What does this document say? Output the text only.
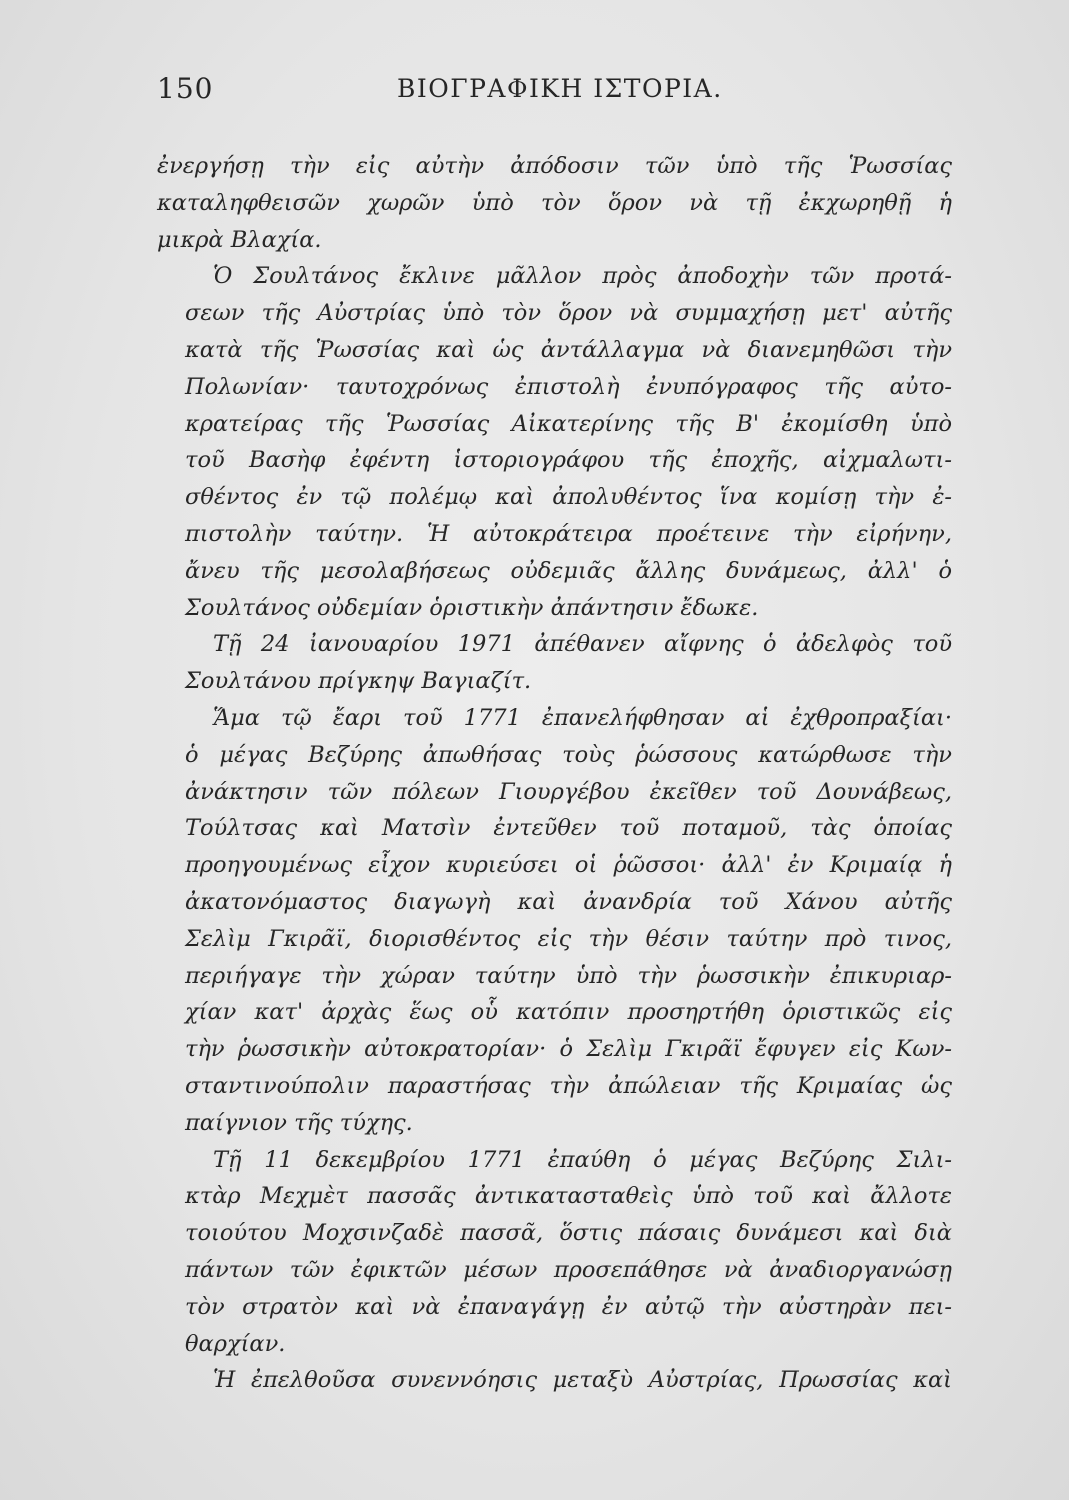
150	ΒΙΟΓΡΑΦΙΚΗ ΙΣΤΟΡΙΑ.
ἐνεργήσῃ τὴν εἰς αὐτὴν ἀπόδοσιν τῶν ὑπὸ τῆς Ῥωσσίας
καταληφθεισῶν χωρῶν ὑπὸ τὸν ὅρον νὰ τῇ ἐκχωρηθῇ ἡ
μικρὰ Βλαχία.
Ὁ Σουλτάνος ἔκλινε μᾶλλον πρὸς ἀποδοχὴν τῶν προτά-
σεων τῆς Αὐστρίας ὑπὸ τὸν ὅρον νὰ συμμαχήσῃ μετ' αὐτῆς
κατὰ τῆς Ῥωσσίας καὶ ὡς ἀντάλλαγμα νὰ διανεμηθῶσι τὴν
Πολωνίαν· ταυτοχρόνως ἐπιστολὴ ἐνυπόγραφος τῆς αὐτο-
κρατείρας τῆς Ῥωσσίας Αἰκατερίνης τῆς Β' ἐκομίσθη ὑπὸ
τοῦ Βασὴφ ἐφέντη ἱστοριογράφου τῆς ἐποχῆς, αἰχμαλωτι-
σθέντος ἐν τῷ πολέμῳ καὶ ἀπολυθέντος ἵνα κομίσῃ τὴν ἐ-
πιστολὴν ταύτην. Ἡ αὐτοκράτειρα προέτεινε τὴν εἰρήνην,
ἄνευ τῆς μεσολαβήσεως οὐδεμιᾶς ἄλλης δυνάμεως, ἀλλ' ὁ
Σουλτάνος οὐδεμίαν ὁριστικὴν ἀπάντησιν ἔδωκε.
Τῇ 24 ἰανουαρίου 1971 ἀπέθανεν αἴφνης ὁ ἀδελφὸς τοῦ
Σουλτάνου πρίγκηψ Βαγιαζίτ.
Ἅμα τῷ ἔαρι τοῦ 1771 ἐπανελήφθησαν αἱ ἐχθροπραξίαι·
ὁ μέγας Βεζύρης ἀπωθήσας τοὺς ῥώσσους κατώρθωσε τὴν
ἀνάκτησιν τῶν πόλεων Γιουργέβου ἐκεῖθεν τοῦ Δουνάβεως,
Τούλτσας καὶ Ματσὶν ἐντεῦθεν τοῦ ποταμοῦ, τὰς ὁποίας
προηγουμένως εἶχον κυριεύσει οἱ ῥῶσσοι· ἀλλ' ἐν Κριμαίᾳ ἡ
ἀκατονόμαστος διαγωγὴ καὶ ἀνανδρία τοῦ Χάνου αὐτῆς
Σελὶμ Γκιρᾶϊ, διορισθέντος εἰς τὴν θέσιν ταύτην πρὸ τινος,
περιήγαγε τὴν χώραν ταύτην ὑπὸ τὴν ῥωσσικὴν ἐπικυριαρ-
χίαν κατ' ἀρχὰς ἕως οὗ κατόπιν προσηρτήθη ὁριστικῶς εἰς
τὴν ῥωσσικὴν αὐτοκρατορίαν· ὁ Σελὶμ Γκιρᾶϊ ἔφυγεν εἰς Κων-
σταντινούπολιν παραστήσας τὴν ἀπώλειαν τῆς Κριμαίας ὡς
παίγνιον τῆς τύχης.
Τῇ 11 δεκεμβρίου 1771 ἐπαύθη ὁ μέγας Βεζύρης Σιλι-
κτὰρ Μεχμὲτ πασσᾶς ἀντικατασταθεὶς ὑπὸ τοῦ καὶ ἄλλοτε
τοιούτου Μοχσινζαδὲ πασσᾶ, ὅστις πάσαις δυνάμεσι καὶ διὰ
πάντων τῶν ἐφικτῶν μέσων προσεπάθησε νὰ ἀναδιοργανώσῃ
τὸν στρατὸν καὶ νὰ ἐπαναγάγῃ ἐν αὐτῷ τὴν αὐστηρὰν πει-
θαρχίαν.
Ἡ ἐπελθοῦσα συνεννόησις μεταξὺ Αὐστρίας, Πρωσσίας καὶ
